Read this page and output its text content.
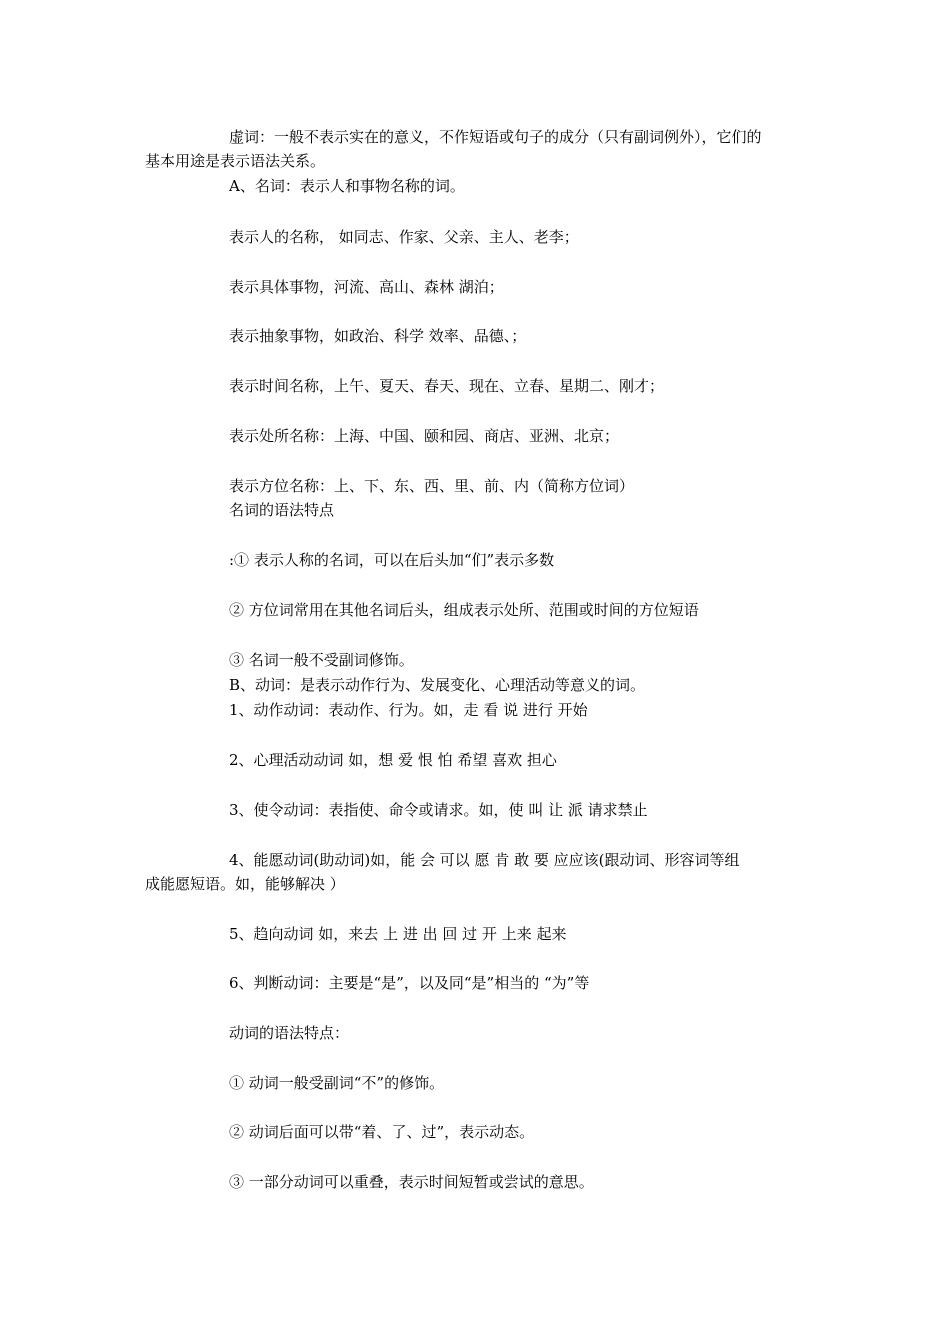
虚词：一般不表示实在的意义，不作短语或句子的成分（只有副词例外），它们的
基本用途是表示语法关系。
A、名词：表示人和事物名称的词。
表示人的名称， 如同志、作家、父亲、主人、老李；
表示具体事物，河流、高山、森林 湖泊；
表示抽象事物，如政治、科学 效率、品德、；
表示时间名称，上午、夏天、春天、现在、立春、星期二、刚才；
表示处所名称：上海、中国、颐和园、商店、亚洲、北京；
表示方位名称：上、下、东、西、里、前、内（简称方位词）
名词的语法特点
:① 表示人称的名词，可以在后头加“们”表示多数
② 方位词常用在其他名词后头，组成表示处所、范围或时间的方位短语
③ 名词一般不受副词修饰。
B、动词：是表示动作行为、发展变化、心理活动等意义的词。
1、动作动词：表动作、行为。如，走 看 说 进行 开始
2、心理活动动词 如，想 爱 恨 怕 希望 喜欢 担心
3、使令动词：表指使、命令或请求。如，使 叫 让 派 请求禁止
4、能愿动词(助动词)如，能 会 可以 愿 肯 敢 要 应应该(跟动词、形容词等组
成能愿短语。如，能够解决 ）
5、趋向动词 如，来去 上 进 出 回 过 开 上来 起来
6、判断动词：主要是“是”，以及同“是”相当的 “为”等
动词的语法特点：
① 动词一般受副词“不”的修饰。
② 动词后面可以带“着、了、过”，表示动态。
③ 一部分动词可以重叠，表示时间短暂或尝试的意思。
